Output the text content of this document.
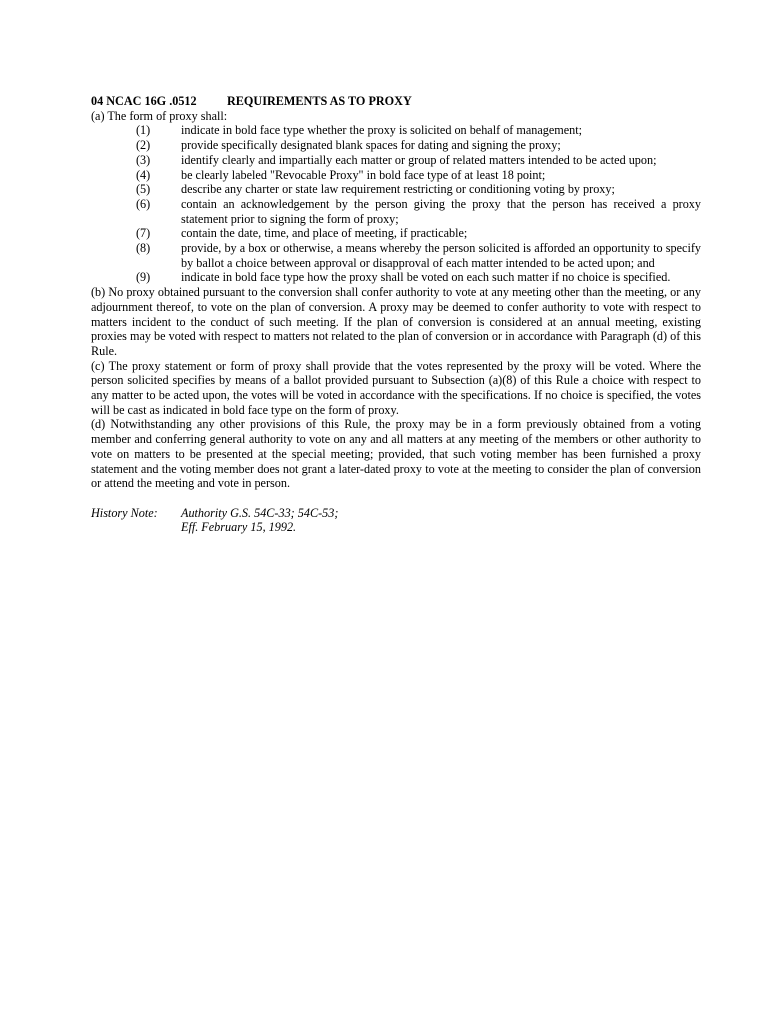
04 NCAC 16G .0512 REQUIREMENTS AS TO PROXY
(a) The form of proxy shall:
(1)	indicate in bold face type whether the proxy is solicited on behalf of management;
(2)	provide specifically designated blank spaces for dating and signing the proxy;
(3)	identify clearly and impartially each matter or group of related matters intended to be acted upon;
(4)	be clearly labeled "Revocable Proxy" in bold face type of at least 18 point;
(5)	describe any charter or state law requirement restricting or conditioning voting by proxy;
(6)	contain an acknowledgement by the person giving the proxy that the person has received a proxy statement prior to signing the form of proxy;
(7)	contain the date, time, and place of meeting, if practicable;
(8)	provide, by a box or otherwise, a means whereby the person solicited is afforded an opportunity to specify by ballot a choice between approval or disapproval of each matter intended to be acted upon; and
(9)	indicate in bold face type how the proxy shall be voted on each such matter if no choice is specified.
(b) No proxy obtained pursuant to the conversion shall confer authority to vote at any meeting other than the meeting, or any adjournment thereof, to vote on the plan of conversion. A proxy may be deemed to confer authority to vote with respect to matters incident to the conduct of such meeting. If the plan of conversion is considered at an annual meeting, existing proxies may be voted with respect to matters not related to the plan of conversion or in accordance with Paragraph (d) of this Rule.
(c) The proxy statement or form of proxy shall provide that the votes represented by the proxy will be voted. Where the person solicited specifies by means of a ballot provided pursuant to Subsection (a)(8) of this Rule a choice with respect to any matter to be acted upon, the votes will be voted in accordance with the specifications. If no choice is specified, the votes will be cast as indicated in bold face type on the form of proxy.
(d) Notwithstanding any other provisions of this Rule, the proxy may be in a form previously obtained from a voting member and conferring general authority to vote on any and all matters at any meeting of the members or other authority to vote on matters to be presented at the special meeting; provided, that such voting member has been furnished a proxy statement and the voting member does not grant a later-dated proxy to vote at the meeting to consider the plan of conversion or attend the meeting and vote in person.
History Note:	Authority G.S. 54C-33; 54C-53;
Eff. February 15, 1992.
